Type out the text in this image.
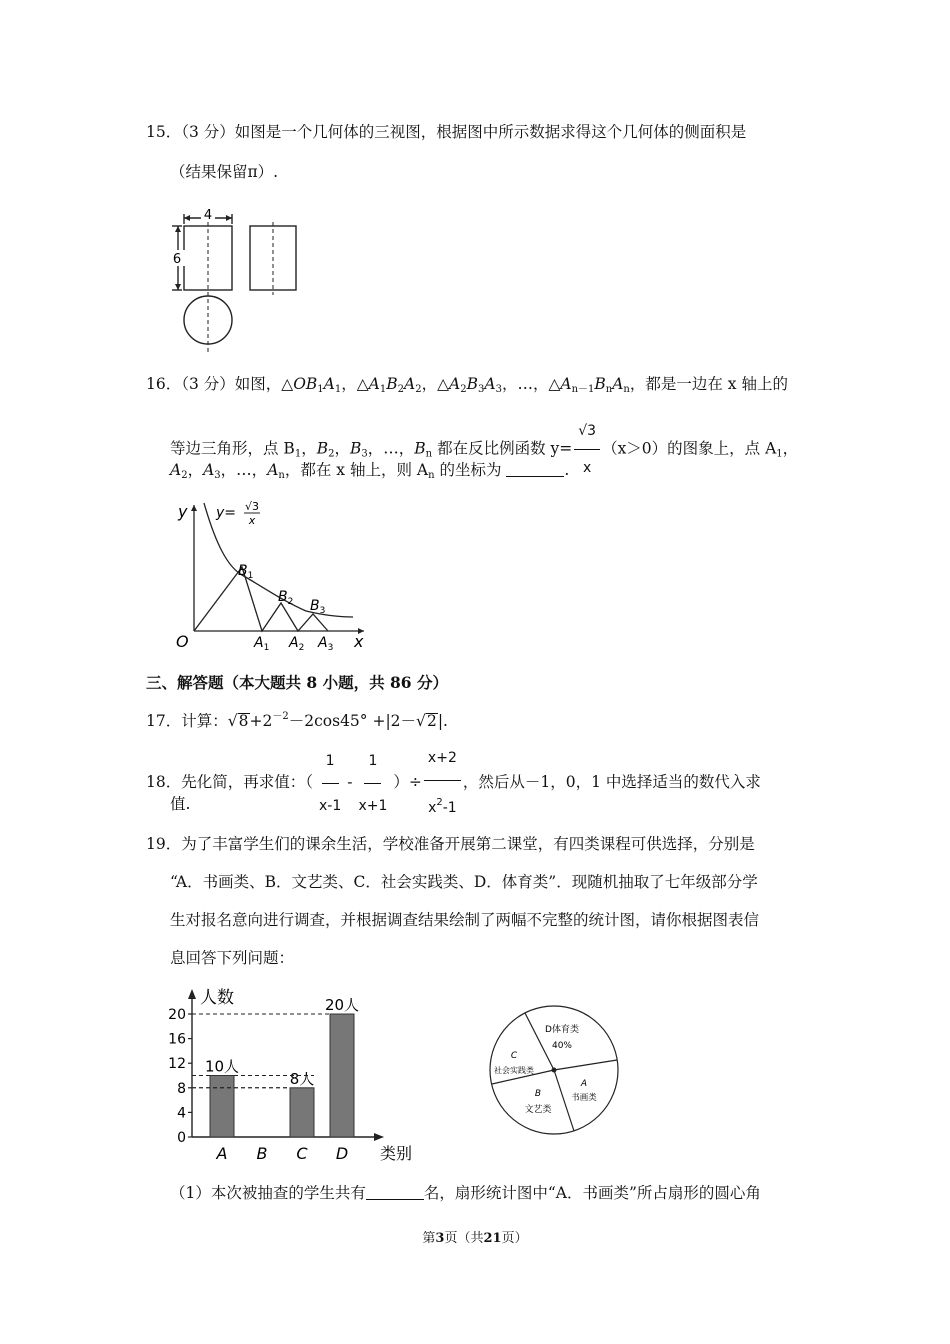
15．（3 分）如图是一个几何体的三视图，根据图中所示数据求得这个几何体的侧面积是
（结果保留π）.
4
6
16．（3 分）如图，$\triangle OB_1A_1$，$\triangle A_1B_2A_2$，$\triangle A_2B_3A_3$，…，$\triangle A_{n-1}B_nA_n$，都是一边在 x 轴上的
等边三角形，点 $B_1$，$B_2$，$B_3$，…，$B_n$ 都在反比例函数 $y= \frac{√3}{x} (x>0)$的图象上，点 $A_1$，
$A_2$，$A_3$，…，$A_n$，都在 x 轴上，则 $A_n$ 的坐标为	.
y
x
O
y= √3
x
$B_1$
$B_2$ $B_3$
$A_1$ $A_2$ $A_3$
三、解答题（本大题共 8 小题，共 86 分）
17．计算：$√8+2^{-2}-2\cos 45^\circ +|2-√2|$.
18．先化简，再求值：（ $\frac{1}{x-1} - \frac{1}{x+1}$ ）÷ $\frac{x+2}{x^2-1}$ ，然后从－1，0，1 中选择适当的数代入求
值.
19．为了丰富学生们的课余生活，学校准备开展第二课堂，有四类课程可供选择，分别是
“A．书画类、B．文艺类、C．社会实践类、D．体育类”．现随机抽取了七年级部分学
生对报名意向进行调查，并根据调查结果绘制了两幅不完整的统计图，请你根据图表信
息回答下列问题：
人数
类别
0
4
8
12
16
20
A
10人
B C
8人
D
20人
D体育类
40%
C
社会实践类
B
文艺类
A
书画类
（1）本次被抽查的学生共有	名，扇形统计图中“A．书画类”所占扇形的圆心角
第3页（共21页）
